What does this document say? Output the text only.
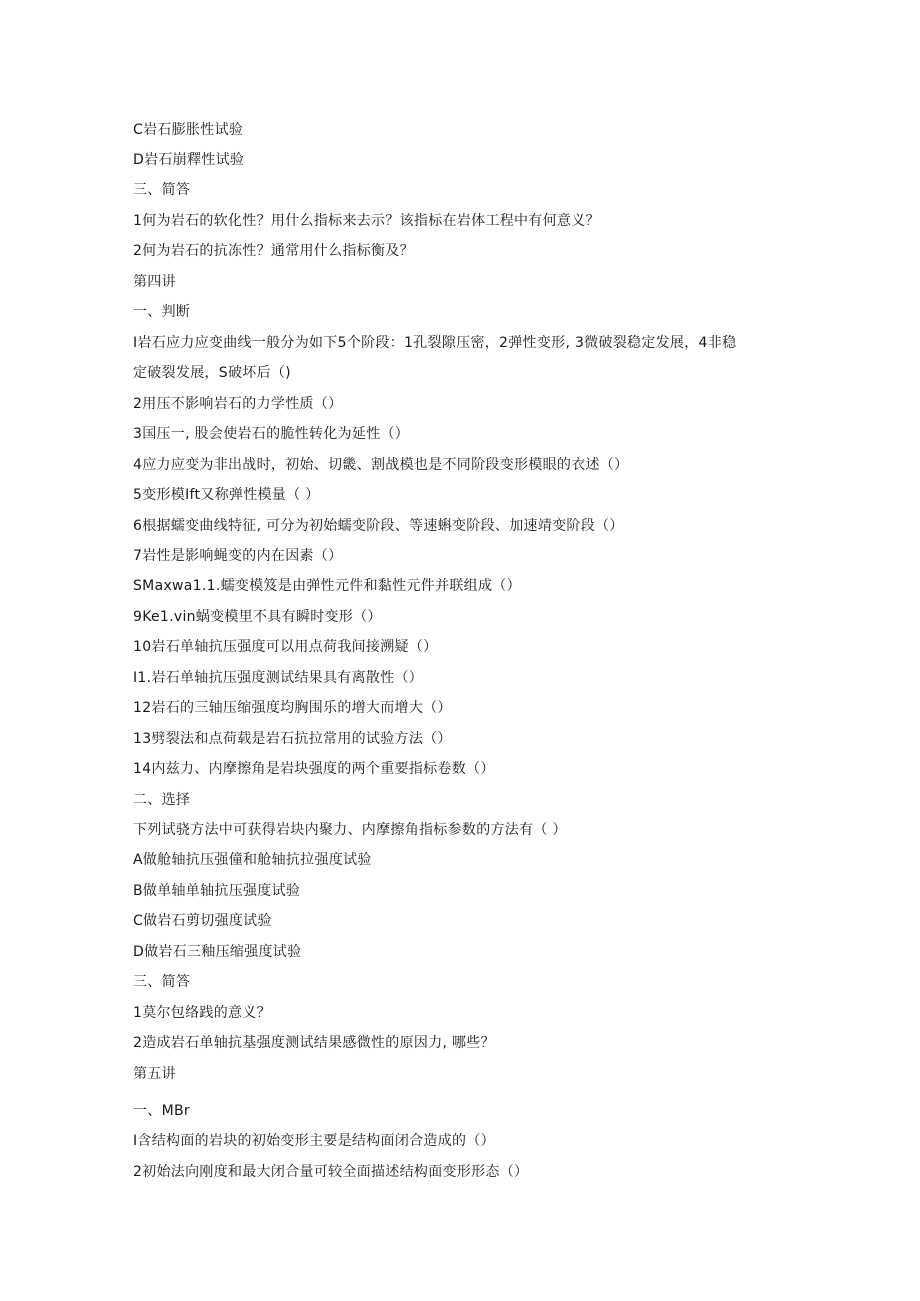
C岩石膨胀性试验
D岩石崩釋性试验
三、简答
1何为岩石的软化性？用什么指标来去示？该指标在岩体工程中有何意义？
2何为岩石的抗冻性？通常用什么指标衡及？
第四讲
一、判断
I岩石应力应变曲线一般分为如下5个阶段：1孔裂隙压密，2弹性变形, 3微破裂稳定发展，4非稳
定破裂发展，S破坏后（)
2用压不影响岩石的力学性质（）
3国压一, 股会使岩石的脆性转化为延性（）
4应力应变为非出战时，初始、切畿、割战模也是不同阶段变形模眼的衣述（）
5变形模Ift又称弹性模量（ ）
6根据蠕变曲线特征, 可分为初始蠕变阶段、等速蝌变阶段、加速靖变阶段（）
7岩性是影响蝇变的内在因素（）
SMaxwa1.1.蠕变模笈是由弹性元件和黏性元件并联组成（）
9Ke1.vin蜗变模里不具有瞬时变形（）
10岩石单轴抗压强度可以用点荷我间接溯疑（）
I1.岩石单轴抗压强度测试结果具有离散性（）
12岩石的三轴压缩强度均胸围乐的增大而增大（）
13劈裂法和点荷载是岩石抗拉常用的试验方法（）
14内兹力、内摩擦角是岩块强度的两个重要指标卷数（）
二、选择
下列试骁方法中可获得岩块内聚力、内摩擦角指标参数的方法有（ ）
A做舱轴抗压强僮和舱轴抗拉强度试验
B做单轴单轴抗压强度试验
C做岩石剪切强度试验
D做岩石三釉压缩强度试验
三、简答
1莫尔包络践的意义？
2造成岩石单轴抗基强度测试结果感微性的原因力, 哪些？
第五讲
一、MBr
I含结构面的岩块的初始变形主要是结构面闭合造成的（）
2初始法向刚度和最大闭合量可较全面描述结构面变形形态（）
